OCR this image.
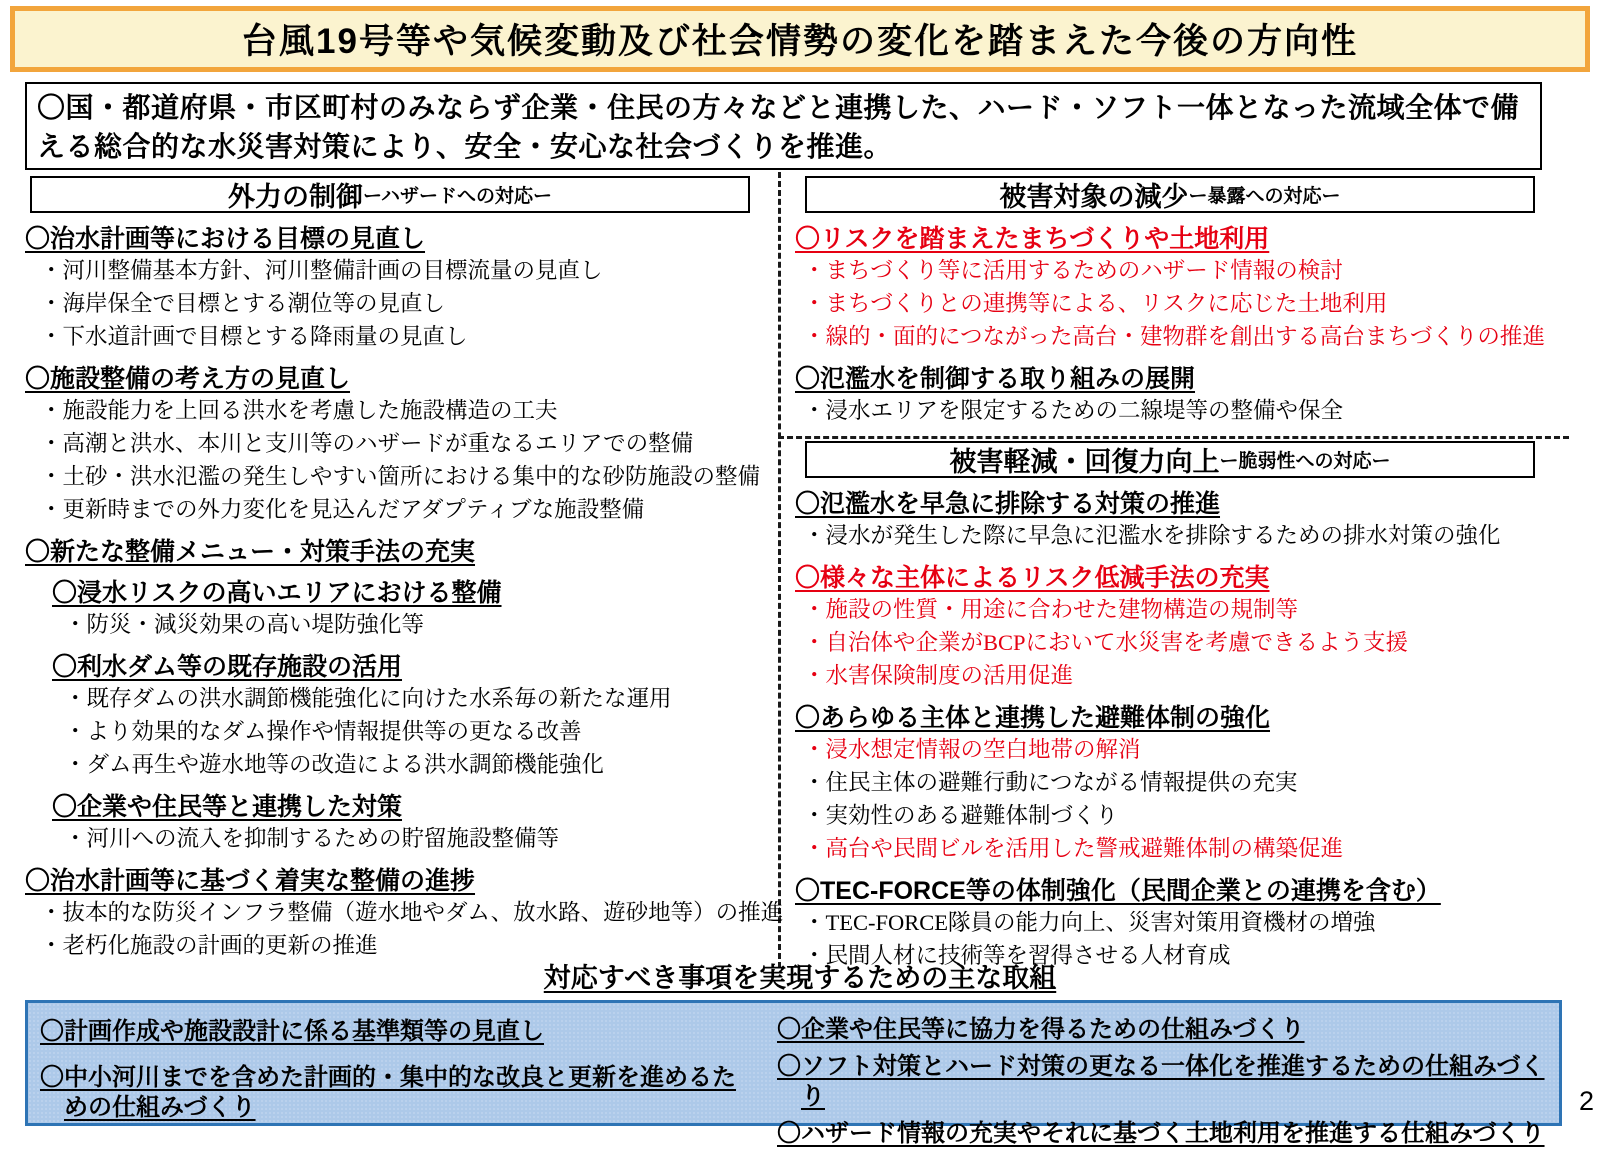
台風19号等や気候変動及び社会情勢の変化を踏まえた今後の方向性
〇国・都道府県・市区町村のみならず企業・住民の方々などと連携した、ハード・ソフト一体となった流域全体で備える総合的な水災害対策により、安全・安心な社会づくりを推進。
外力の制御 ーハザードへの対応ー
〇治水計画等における目標の見直し
・河川整備基本方針、河川整備計画の目標流量の見直し
・海岸保全で目標とする潮位等の見直し
・下水道計画で目標とする降雨量の見直し
〇施設整備の考え方の見直し
・施設能力を上回る洪水を考慮した施設構造の工夫
・高潮と洪水、本川と支川等のハザードが重なるエリアでの整備
・土砂・洪水氾濫の発生しやすい箇所における集中的な砂防施設の整備
・更新時までの外力変化を見込んだアダプティブな施設整備
〇新たな整備メニュー・対策手法の充実
〇浸水リスクの高いエリアにおける整備
・防災・減災効果の高い堤防強化等
〇利水ダム等の既存施設の活用
・既存ダムの洪水調節機能強化に向けた水系毎の新たな運用
・より効果的なダム操作や情報提供等の更なる改善
・ダム再生や遊水地等の改造による洪水調節機能強化
〇企業や住民等と連携した対策
・河川への流入を抑制するための貯留施設整備等
〇治水計画等に基づく着実な整備の進捗
・抜本的な防災インフラ整備（遊水地やダム、放水路、遊砂地等）の推進
・老朽化施設の計画的更新の推進
被害対象の減少 ー暴露への対応ー
〇リスクを踏まえたまちづくりや土地利用
・まちづくり等に活用するためのハザード情報の検討
・まちづくりとの連携等による、リスクに応じた土地利用
・線的・面的につながった高台・建物群を創出する高台まちづくりの推進
〇氾濫水を制御する取り組みの展開
・浸水エリアを限定するための二線堤等の整備や保全
被害軽減・回復力向上 ー脆弱性への対応ー
〇氾濫水を早急に排除する対策の推進
・浸水が発生した際に早急に氾濫水を排除するための排水対策の強化
〇様々な主体によるリスク低減手法の充実
・施設の性質・用途に合わせた建物構造の規制等
・自治体や企業がBCPにおいて水災害を考慮できるよう支援
・水害保険制度の活用促進
〇あらゆる主体と連携した避難体制の強化
・浸水想定情報の空白地帯の解消
・住民主体の避難行動につながる情報提供の充実
・実効性のある避難体制づくり
・高台や民間ビルを活用した警戒避難体制の構築促進
〇TEC-FORCE等の体制強化（民間企業との連携を含む）
・TEC-FORCE隊員の能力向上、災害対策用資機材の増強
・民間人材に技術等を習得させる人材育成
対応すべき事項を実現するための主な取組
〇計画作成や施設設計に係る基準類等の見直し
〇中小河川までを含めた計画的・集中的な改良と更新を進めるための仕組みづくり
〇企業や住民等に協力を得るための仕組みづくり
〇ソフト対策とハード対策の更なる一体化を推進するための仕組みづくり
〇ハザード情報の充実やそれに基づく土地利用を推進する仕組みづくり
2
